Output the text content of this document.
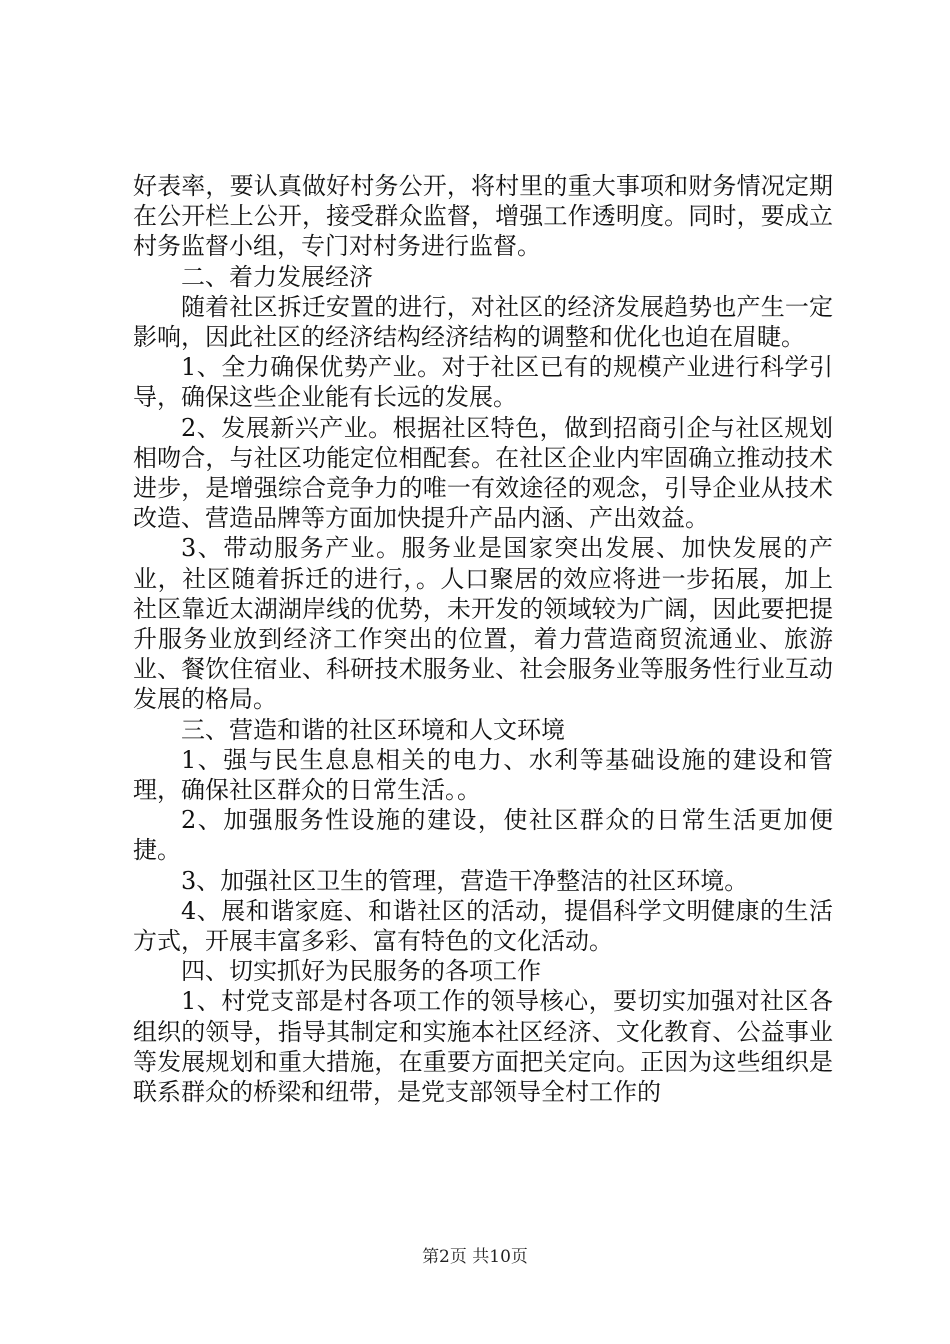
好表率，要认真做好村务公开，将村里的重大事项和财务情况定期在公开栏上公开，接受群众监督，增强工作透明度。同时，要成立村务监督小组，专门对村务进行监督。

二、着力发展经济

随着社区拆迁安置的进行，对社区的经济发展趋势也产生一定影响，因此社区的经济结构经济结构的调整和优化也迫在眉睫。

1、全力确保优势产业。对于社区已有的规模产业进行科学引导，确保这些企业能有长远的发展。

2、发展新兴产业。根据社区特色，做到招商引企与社区规划相吻合，与社区功能定位相配套。在社区企业内牢固确立推动技术进步，是增强综合竞争力的唯一有效途径的观念，引导企业从技术改造、营造品牌等方面加快提升产品内涵、产出效益。

3、带动服务产业。服务业是国家突出发展、加快发展的产业，社区随着拆迁的进行，。人口聚居的效应将进一步拓展，加上社区靠近太湖湖岸线的优势，未开发的领域较为广阔，因此要把提升服务业放到经济工作突出的位置，着力营造商贸流通业、旅游业、餐饮住宿业、科研技术服务业、社会服务业等服务性行业互动发展的格局。

三、营造和谐的社区环境和人文环境

1、强与民生息息相关的电力、水利等基础设施的建设和管理，确保社区群众的日常生活。。

2、加强服务性设施的建设，使社区群众的日常生活更加便捷。

3、加强社区卫生的管理，营造干净整洁的社区环境。

4、展和谐家庭、和谐社区的活动，提倡科学文明健康的生活方式，开展丰富多彩、富有特色的文化活动。

四、切实抓好为民服务的各项工作

1、村党支部是村各项工作的领导核心，要切实加强对社区各组织的领导，指导其制定和实施本社区经济、文化教育、公益事业等发展规划和重大措施，在重要方面把关定向。正因为这些组织是联系群众的桥梁和纽带，是党支部领导全村工作的

第2页 共10页
